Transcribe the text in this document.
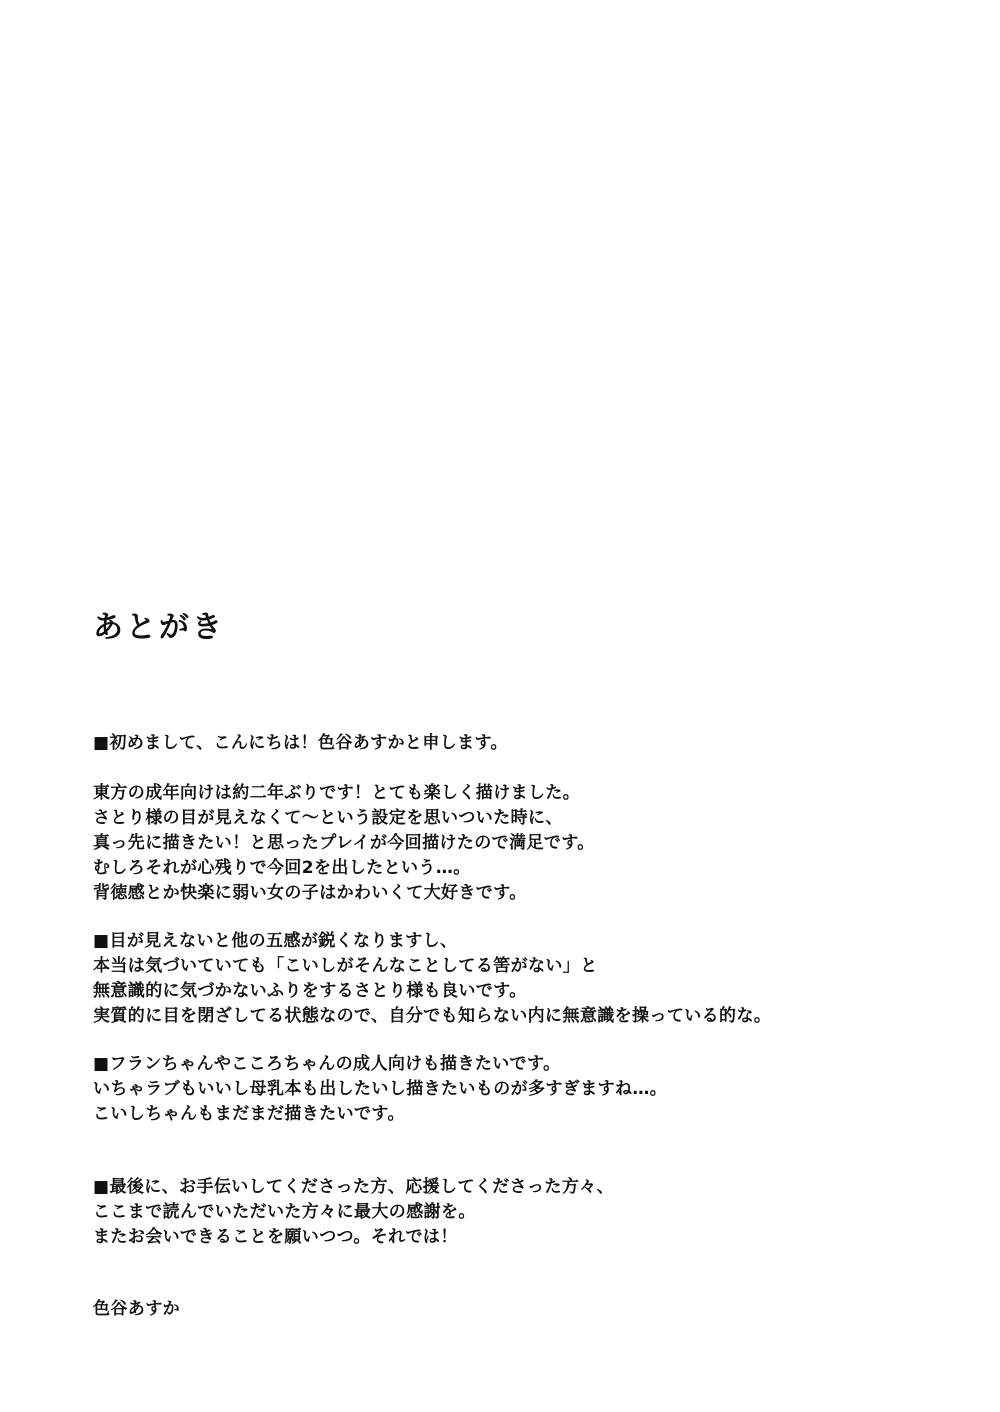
あとがき
■初めまして、こんにちは！色谷あすかと申します。
東方の成年向けは約二年ぶりです！とても楽しく描けました。
さとり様の目が見えなくて〜という設定を思いついた時に、
真っ先に描きたい！と思ったプレイが今回描けたので満足です。
むしろそれが心残りで今回2を出したという…。
背徳感とか快楽に弱い女の子はかわいくて大好きです。
■目が見えないと他の五感が鋭くなりますし、
本当は気づいていても「こいしがそんなことしてる筈がない」と
無意識的に気づかないふりをするさとり様も良いです。
実質的に目を閉ざしてる状態なので、自分でも知らない内に無意識を操っている的な。
■フランちゃんやこころちゃんの成人向けも描きたいです。
いちゃラブもいいし母乳本も出したいし描きたいものが多すぎますね…。
こいしちゃんもまだまだ描きたいです。
■最後に、お手伝いしてくださった方、応援してくださった方々、
ここまで読んでいただいた方々に最大の感謝を。
またお会いできることを願いつつ。それでは！
色谷あすか
